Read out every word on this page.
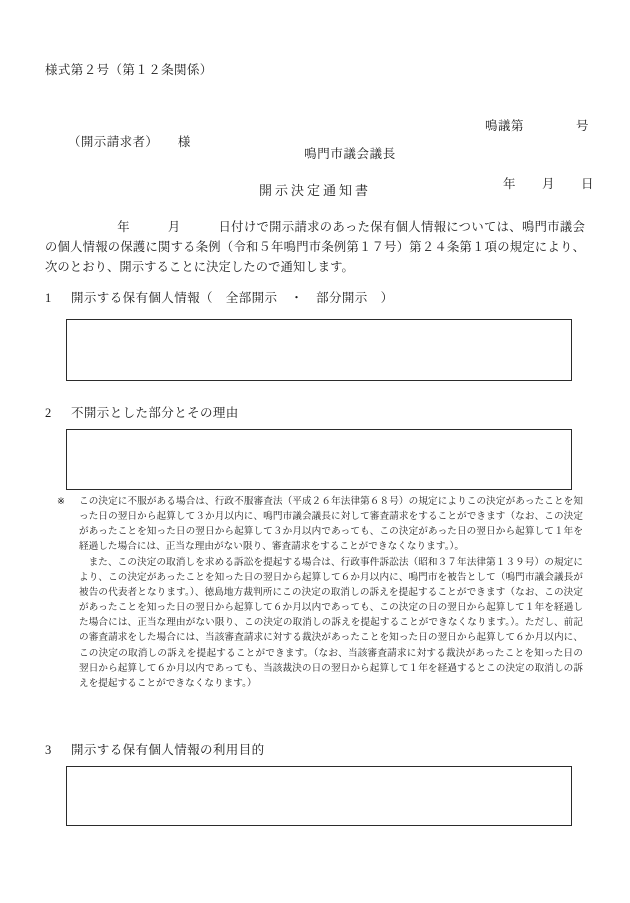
様式第２号（第１２条関係）

鳴議第　　　　号

年　　月　　日

（開示請求者）　　様
鳴門市議会議長
開示決定通知書
年　　　月　　　日付けで開示請求のあった保有個人情報については、鳴門市議会の個人情報の保護に関する条例（令和５年鳴門市条例第１７号）第２４条第１項の規定により、次のとおり、開示することに決定したので通知します。
1 開示する保有個人情報（　全部開示　・　部分開示　）
2 不開示とした部分とその理由

※ この決定に不服がある場合は、行政不服審査法（平成２６年法律第６８号）の規定によりこの決定があったことを知った日の翌日から起算して３か月以内に、鳴門市議会議長に対して審査請求をすることができます（なお、この決定があったことを知った日の翌日から起算して３か月以内であっても、この決定があった日の翌日から起算して１年を経過した場合には、正当な理由がない限り、審査請求をすることができなくなります。）。

また、この決定の取消しを求める訴訟を提起する場合は、行政事件訴訟法（昭和３７年法律第１３９号）の規定により、この決定があったことを知った日の翌日から起算して６か月以内に、鳴門市を被告として（鳴門市議会議長が被告の代表者となります。）、徳島地方裁判所にこの決定の取消しの訴えを提起することができます（なお、この決定があったことを知った日の翌日から起算して６か月以内であっても、この決定の日の翌日から起算して１年を経過した場合には、正当な理由がない限り、この決定の取消しの訴えを提起することができなくなります。）。ただし、前記の審査請求をした場合には、当該審査請求に対する裁決があったことを知った日の翌日から起算して６か月以内に、この決定の取消しの訴えを提起することができます。（なお、当該審査請求に対する裁決があったことを知った日の翌日から起算して６か月以内であっても、当該裁決の日の翌日から起算して１年を経過するとこの決定の取消しの訴えを提起することができなくなります。）

3 開示する保有個人情報の利用目的
